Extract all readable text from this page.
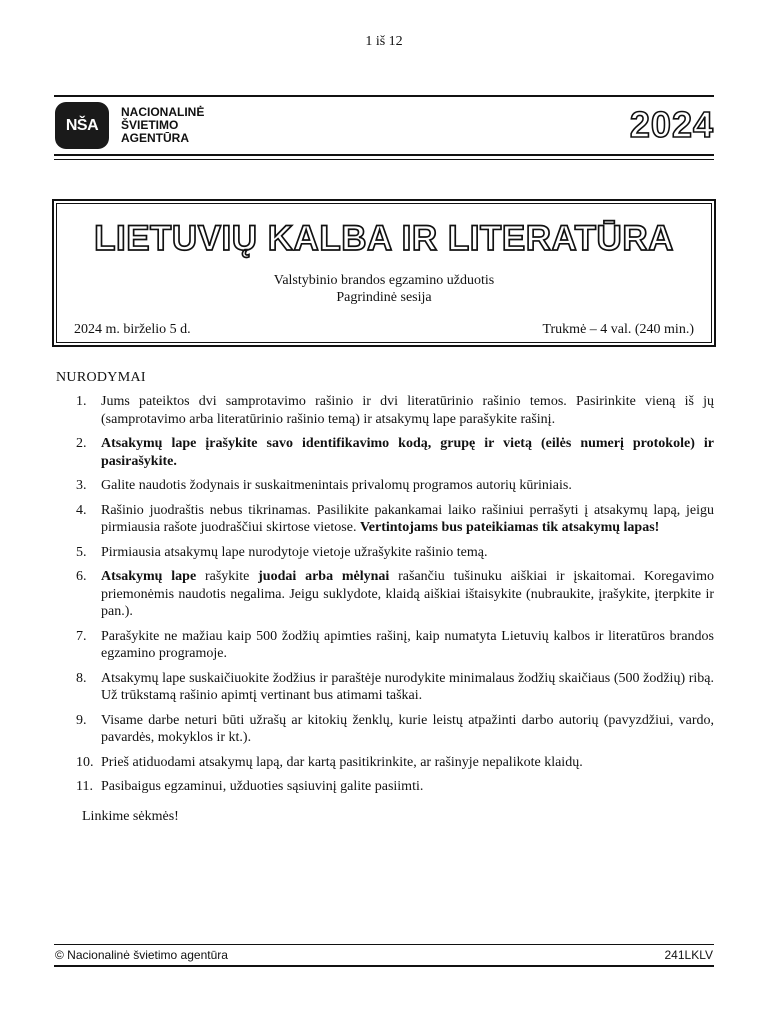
1 iš 12
NŠA
NACIONALINĖ
ŠVIETIMO
AGENTŪRA	2024
LIETUVIŲ KALBA IR LITERATŪRA
Valstybinio brandos egzamino užduotis
Pagrindinė sesija
2024 m. birželio 5 d.	Trukmė – 4 val. (240 min.)
NURODYMAI
1.	Jums pateiktos dvi samprotavimo rašinio ir dvi literatūrinio rašinio temos. Pasirinkite vieną iš jų (samprotavimo arba literatūrinio rašinio temą) ir atsakymų lape parašykite rašinį.
2.	Atsakymų lape įrašykite savo identifikavimo kodą, grupę ir vietą (eilės numerį protokole) ir pasirašykite.
3.	Galite naudotis žodynais ir suskaitmenintais privalomų programos autorių kūriniais.
4.	Rašinio juodraštis nebus tikrinamas. Pasilikite pakankamai laiko rašiniui perrašyti į atsakymų lapą, jeigu pirmiausia rašote juodraščiui skirtose vietose. Vertintojams bus pateikiamas tik atsakymų lapas!
5.	Pirmiausia atsakymų lape nurodytoje vietoje užrašykite rašinio temą.
6.	Atsakymų lape rašykite juodai arba mėlynai rašančiu tušinuku aiškiai ir įskaitomai. Koregavimo priemonėmis naudotis negalima. Jeigu suklydote, klaidą aiškiai ištaisykite (nubraukite, įrašykite, įterpkite ir pan.).
7.	Parašykite ne mažiau kaip 500 žodžių apimties rašinį, kaip numatyta Lietuvių kalbos ir literatūros brandos egzamino programoje.
8.	Atsakymų lape suskaičiuokite žodžius ir paraštėje nurodykite minimalaus žodžių skaičiaus (500 žodžių) ribą. Už trūkstamą rašinio apimtį vertinant bus atimami taškai.
9.	Visame darbe neturi būti užrašų ar kitokių ženklų, kurie leistų atpažinti darbo autorių (pavyzdžiui, vardo, pavardės, mokyklos ir kt.).
10. Prieš atiduodami atsakymų lapą, dar kartą pasitikrinkite, ar rašinyje nepalikote klaidų.
11. Pasibaigus egzaminui, užduoties sąsiuvinį galite pasiimti.
Linkime sėkmės!
© Nacionalinė švietimo agentūra	241LKLV
